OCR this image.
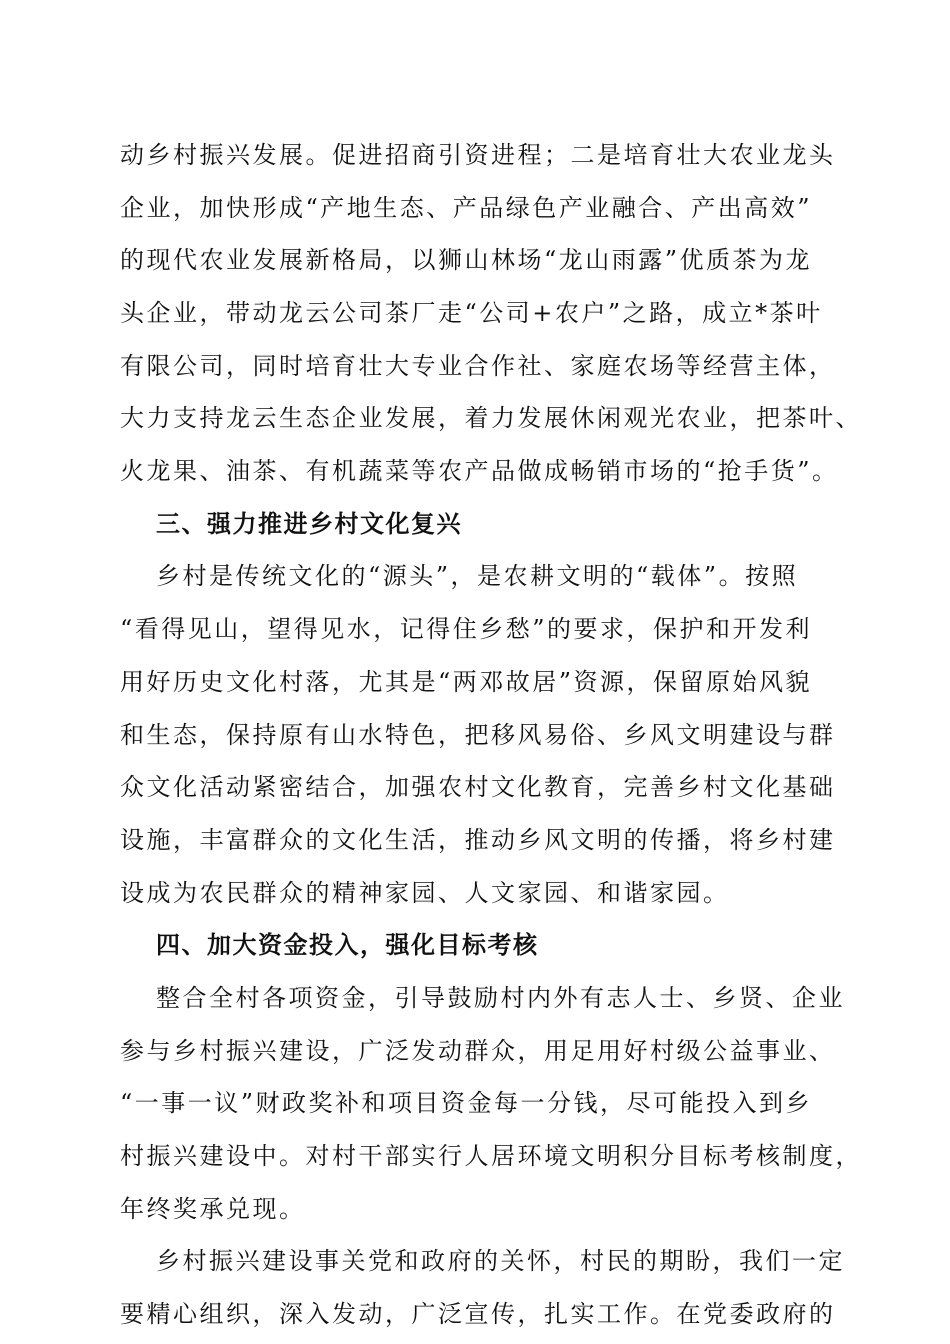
动乡村振兴发展。促进招商引资进程；二是培育壮大农业龙头
企业，加快形成“产地生态、产品绿色产业融合、产出高效”
的现代农业发展新格局，以狮山林场“龙山雨露”优质茶为龙
头企业，带动龙云公司茶厂走“公司+农户”之路，成立*茶叶
有限公司，同时培育壮大专业合作社、家庭农场等经营主体，
大力支持龙云生态企业发展，着力发展休闲观光农业，把茶叶、
火龙果、油茶、有机蔬菜等农产品做成畅销市场的“抢手货”。
三、强力推进乡村文化复兴
乡村是传统文化的“源头”，是农耕文明的“载体”。按照
“看得见山，望得见水，记得住乡愁”的要求，保护和开发利
用好历史文化村落，尤其是“两邓故居”资源，保留原始风貌
和生态，保持原有山水特色，把移风易俗、乡风文明建设与群
众文化活动紧密结合，加强农村文化教育，完善乡村文化基础
设施，丰富群众的文化生活，推动乡风文明的传播，将乡村建
设成为农民群众的精神家园、人文家园、和谐家园。
四、加大资金投入，强化目标考核
整合全村各项资金，引导鼓励村内外有志人士、乡贤、企业
参与乡村振兴建设，广泛发动群众，用足用好村级公益事业、
“一事一议”财政奖补和项目资金每一分钱，尽可能投入到乡
村振兴建设中。对村干部实行人居环境文明积分目标考核制度，
年终奖承兑现。
乡村振兴建设事关党和政府的关怀，村民的期盼，我们一定
要精心组织，深入发动，广泛宣传，扎实工作。在党委政府的
